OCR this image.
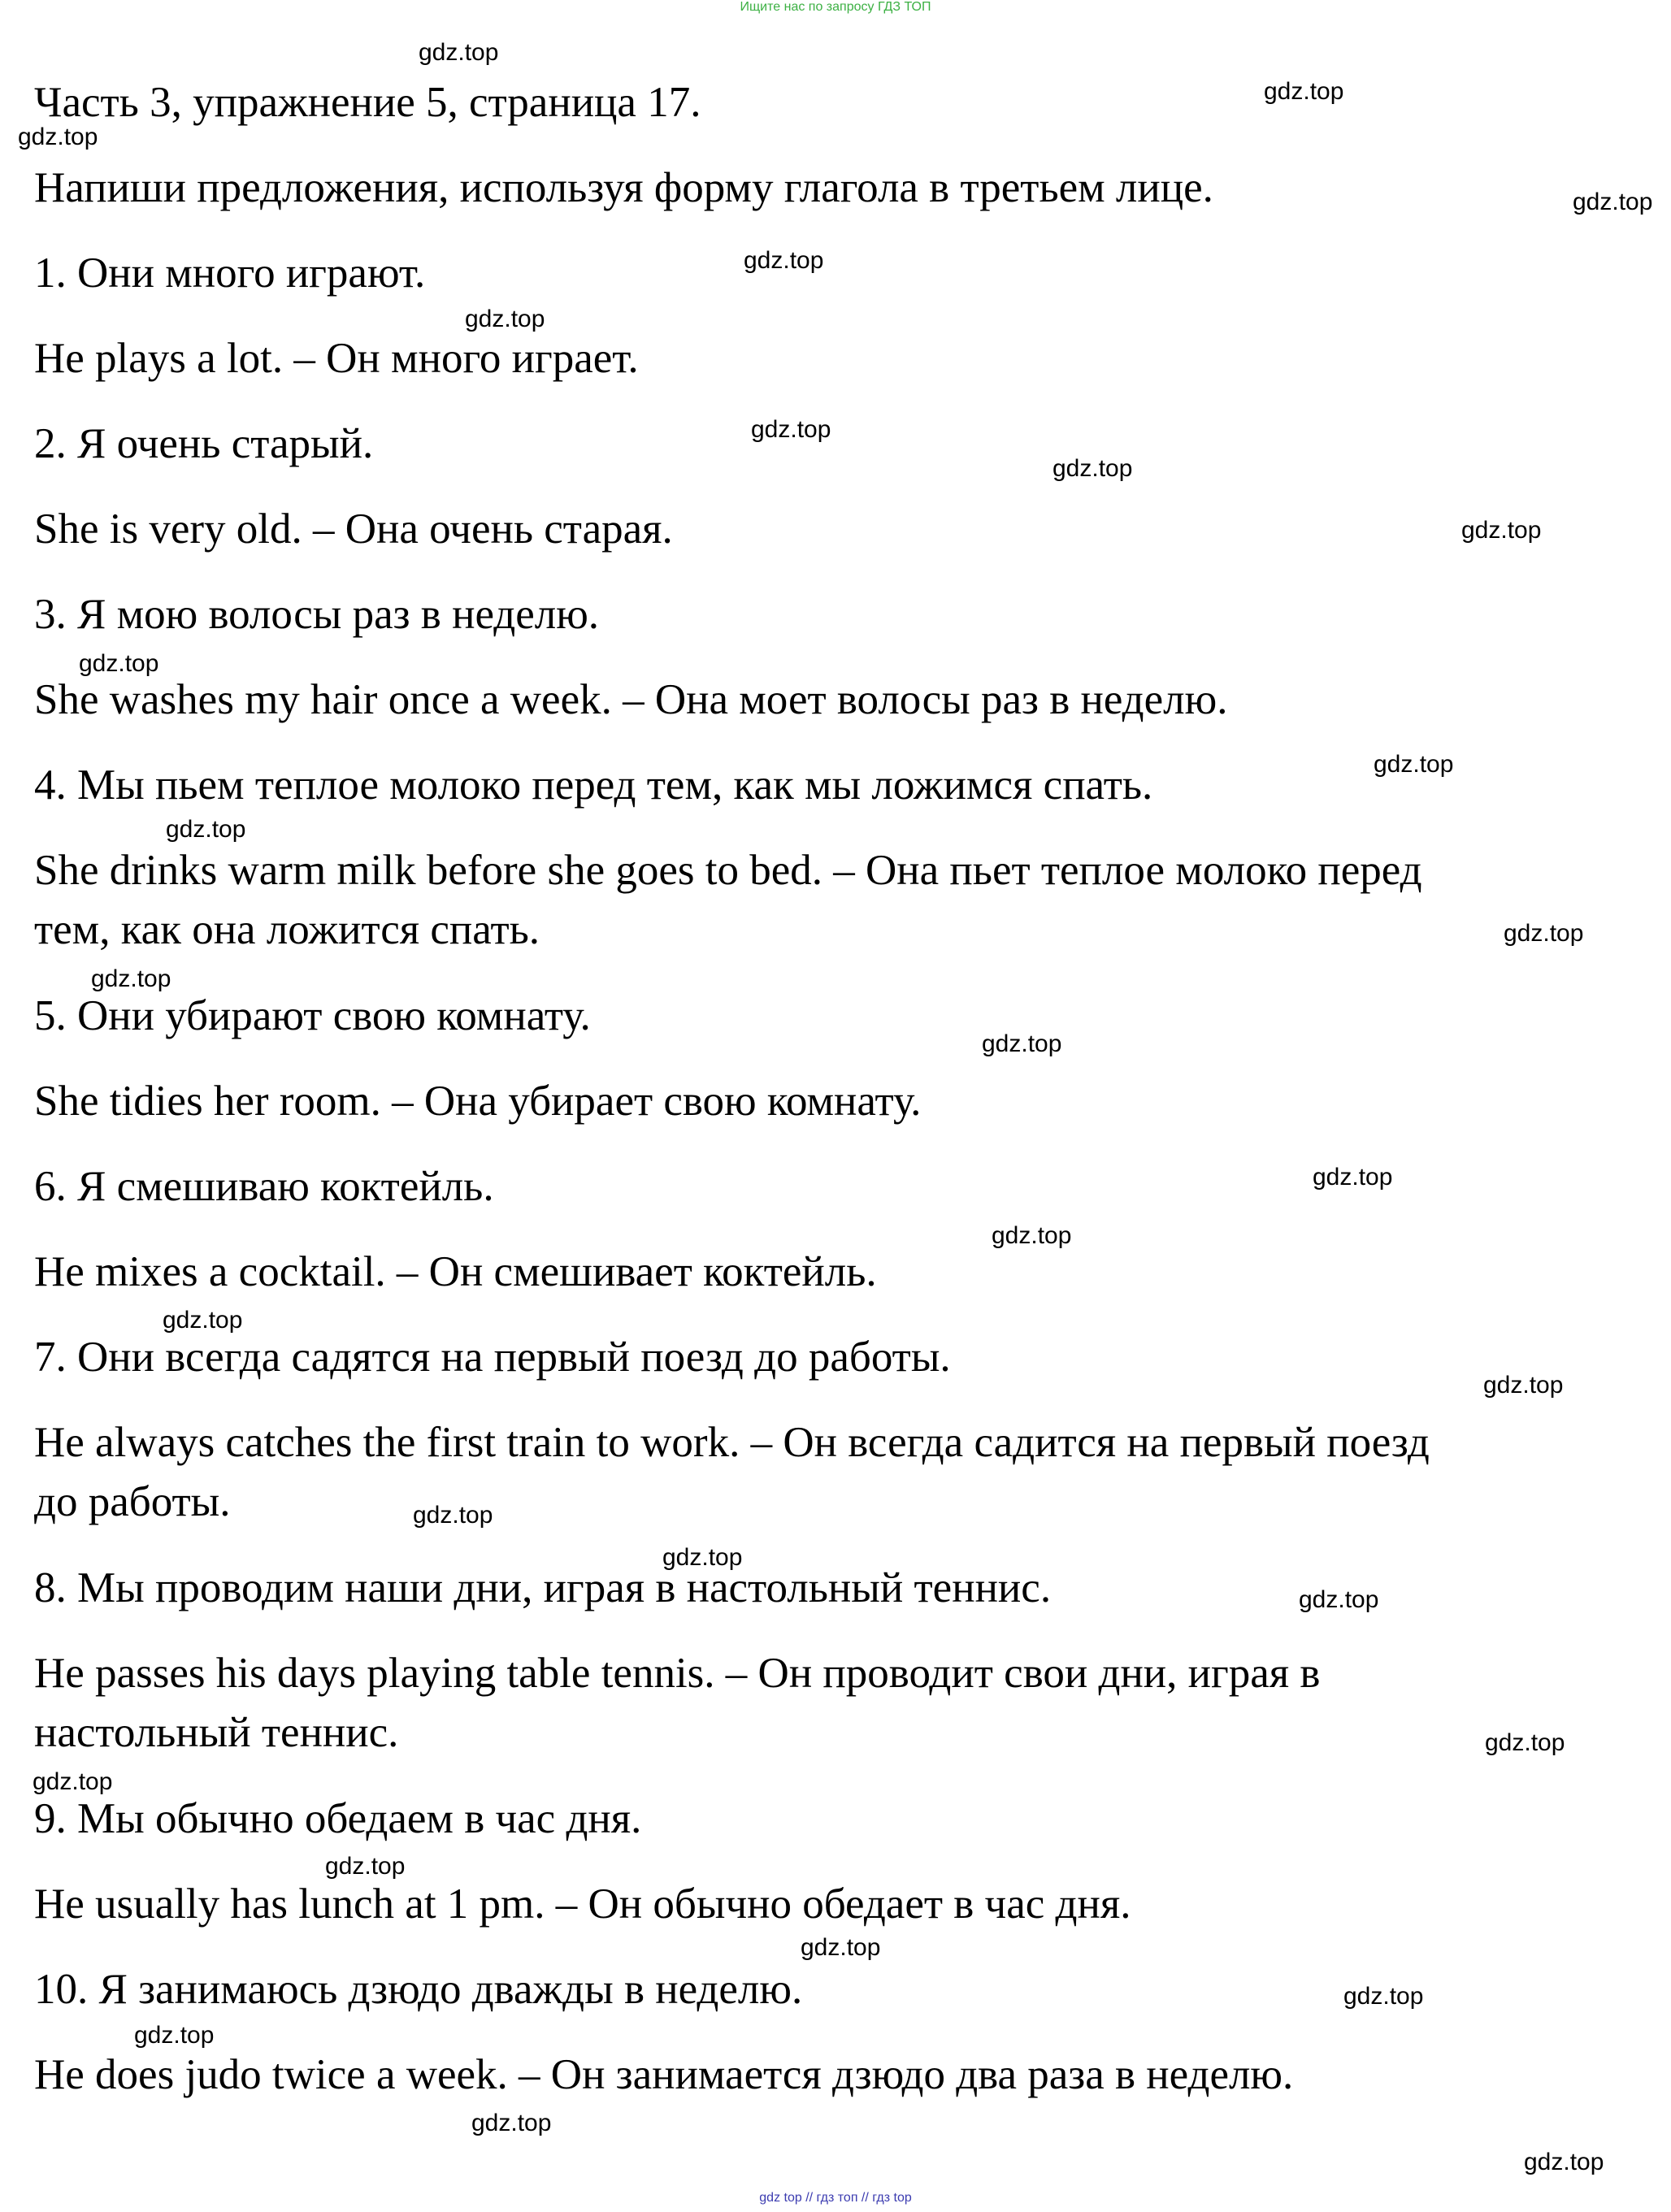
Ищите нас по запросу ГДЗ ТОП
Часть 3, упражнение 5, страница 17.
Напиши предложения, используя форму глагола в третьем лице.
1. Они много играют.
He plays a lot. – Он много играет.
2. Я очень старый.
She is very old. – Она очень старая.
3. Я мою волосы раз в неделю.
She washes my hair once a week. – Она моет волосы раз в неделю.
4. Мы пьем теплое молоко перед тем, как мы ложимся спать.
She drinks warm milk before she goes to bed. – Она пьет теплое молоко перед
тем, как она ложится спать.
5. Они убирают свою комнату.
She tidies her room. – Она убирает свою комнату.
6. Я смешиваю коктейль.
He mixes a cocktail. – Он смешивает коктейль.
7. Они всегда садятся на первый поезд до работы.
He always catches the first train to work. – Он всегда садится на первый поезд
до работы.
8. Мы проводим наши дни, играя в настольный теннис.
He passes his days playing table tennis. – Он проводит свои дни, играя в
настольный теннис.
9. Мы обычно обедаем в час дня.
He usually has lunch at 1 pm. – Он обычно обедает в час дня.
10. Я занимаюсь дзюдо дважды в неделю.
He does judo twice a week. – Он занимается дзюдо два раза в неделю.
gdz.top
gdz.top
gdz.top
gdz.top
gdz.top
gdz.top
gdz.top
gdz.top
gdz.top
gdz.top
gdz.top
gdz.top
gdz.top
gdz.top
gdz.top
gdz.top
gdz.top
gdz.top
gdz.top
gdz.top
gdz.top
gdz.top
gdz.top
gdz.top
gdz.top
gdz.top
gdz.top
gdz.top
gdz.top
gdz.top
gdz top // гдз топ // гдз top
